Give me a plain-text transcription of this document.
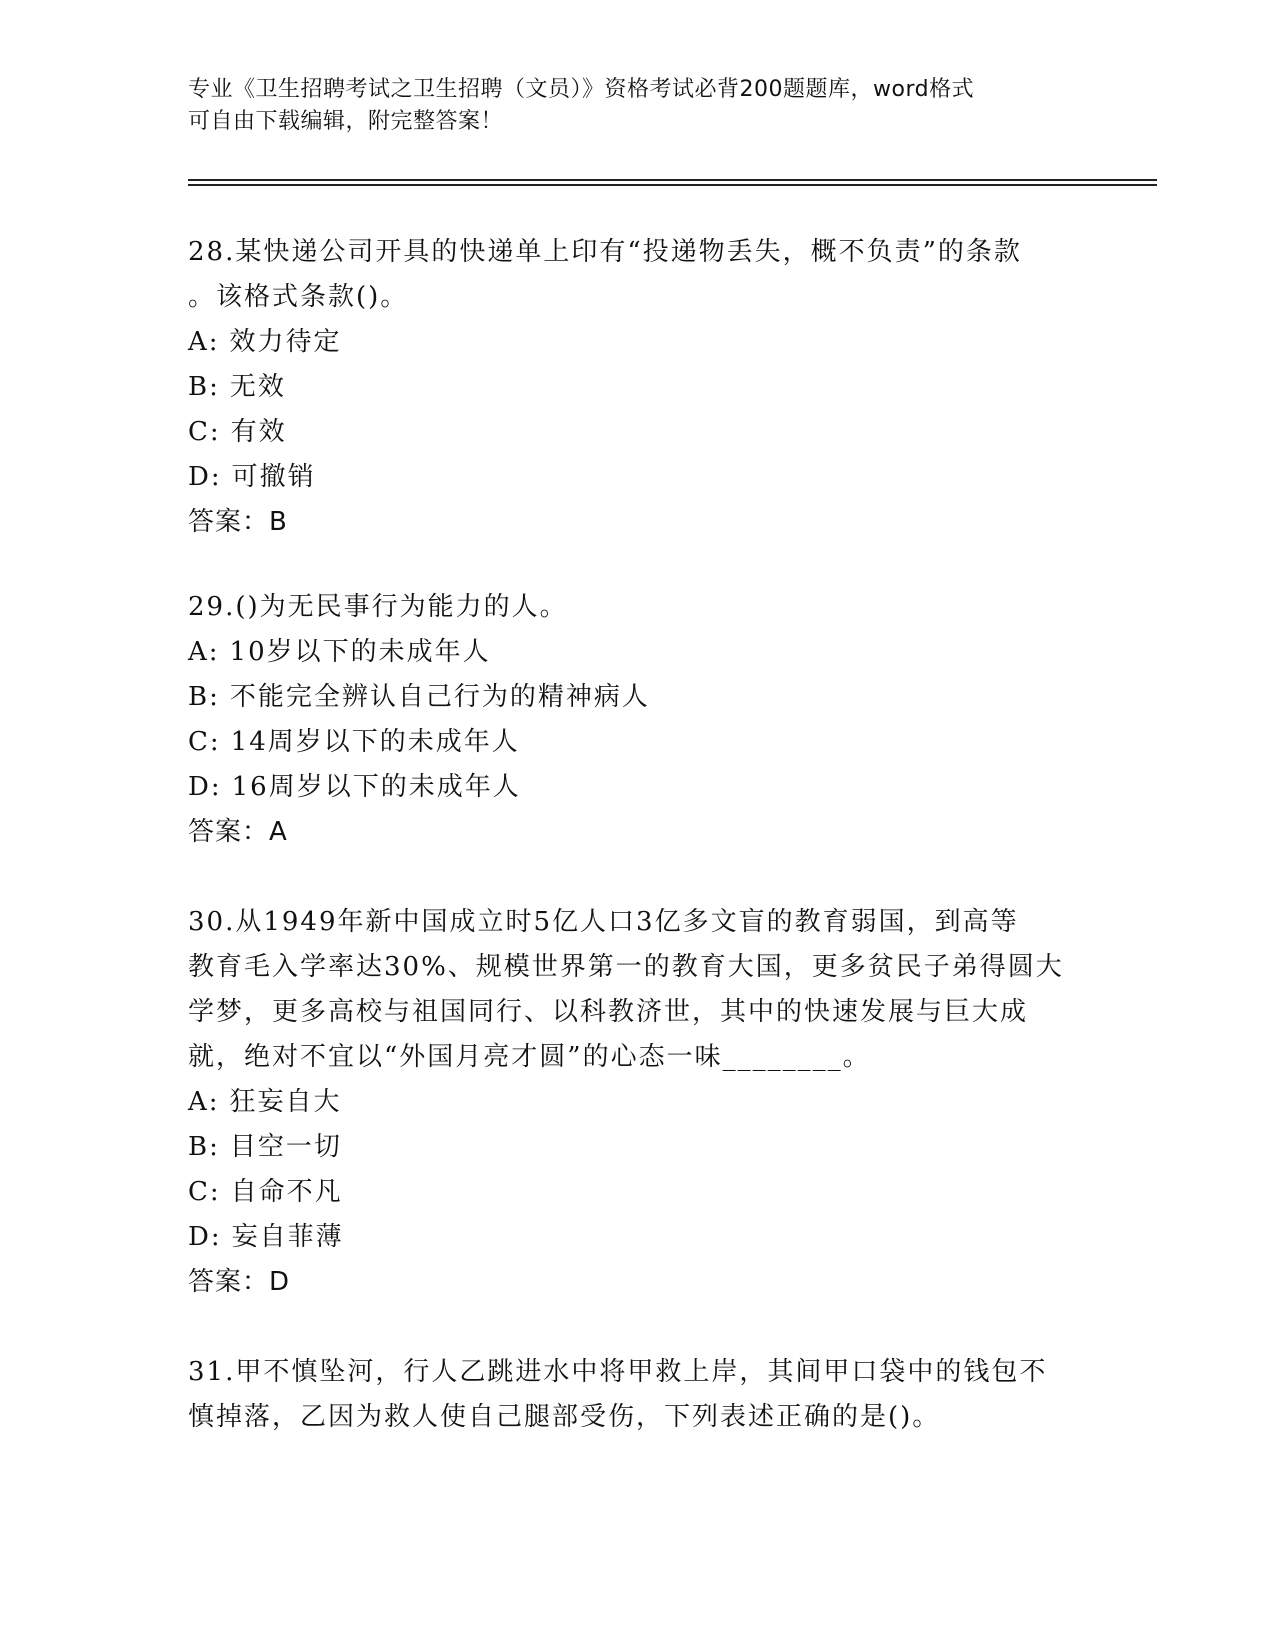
专业《卫生招聘考试之卫生招聘（文员）》资格考试必背200题题库，word格式
可自由下载编辑，附完整答案！

28.某快递公司开具的快递单上印有“投递物丢失，概不负责”的条款

。该格式条款()。

A: 效力待定

B: 无效

C: 有效

D: 可撤销

答案：B

29.()为无民事行为能力的人。

A: 10岁以下的未成年人

B: 不能完全辨认自己行为的精神病人

C: 14周岁以下的未成年人

D: 16周岁以下的未成年人

答案：A

30.从1949年新中国成立时5亿人口3亿多文盲的教育弱国，到高等

教育毛入学率达30%、规模世界第一的教育大国，更多贫民子弟得圆大

学梦，更多高校与祖国同行、以科教济世，其中的快速发展与巨大成

就，绝对不宜以“外国月亮才圆”的心态一味________。

A: 狂妄自大

B: 目空一切

C: 自命不凡

D: 妄自菲薄

答案：D

31.甲不慎坠河，行人乙跳进水中将甲救上岸，其间甲口袋中的钱包不

慎掉落，乙因为救人使自己腿部受伤，下列表述正确的是()。
